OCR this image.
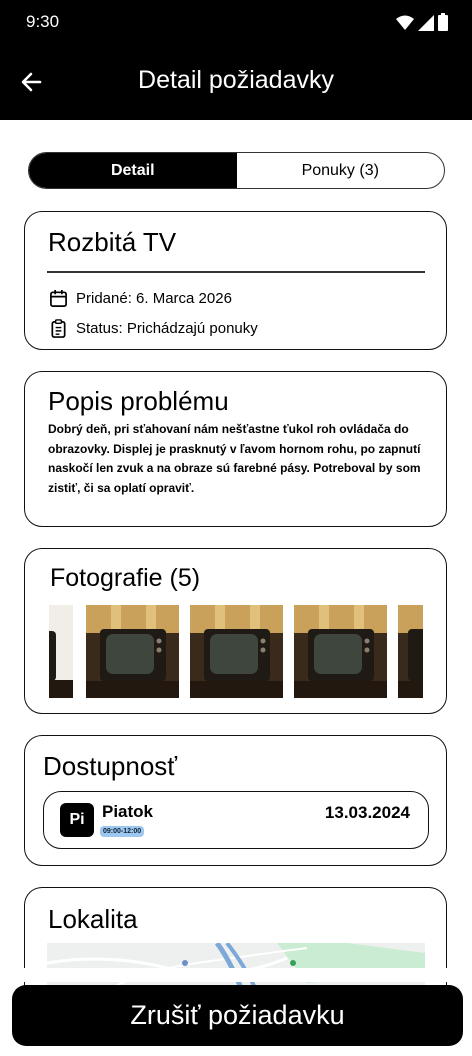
9:30
Detail požiadavky
Detail	Ponuky (3)
Rozbitá TV
Pridané: 6. Marca 2026
Status: Prichádzajú ponuky
Popis problému
Dobrý deň, pri sťahovaní nám nešťastne ťukol roh ovládača do obrazovky. Displej je prasknutý v ľavom hornom rohu, po zapnutí naskočí len zvuk a na obraze sú farebné pásy. Potreboval by som zistiť, či sa oplatí opraviť.
Fotografie (5)
Dostupnosť
Pi	Piatok
09:00-12:00
13.03.2024
Lokalita
Zrušiť požiadavku
